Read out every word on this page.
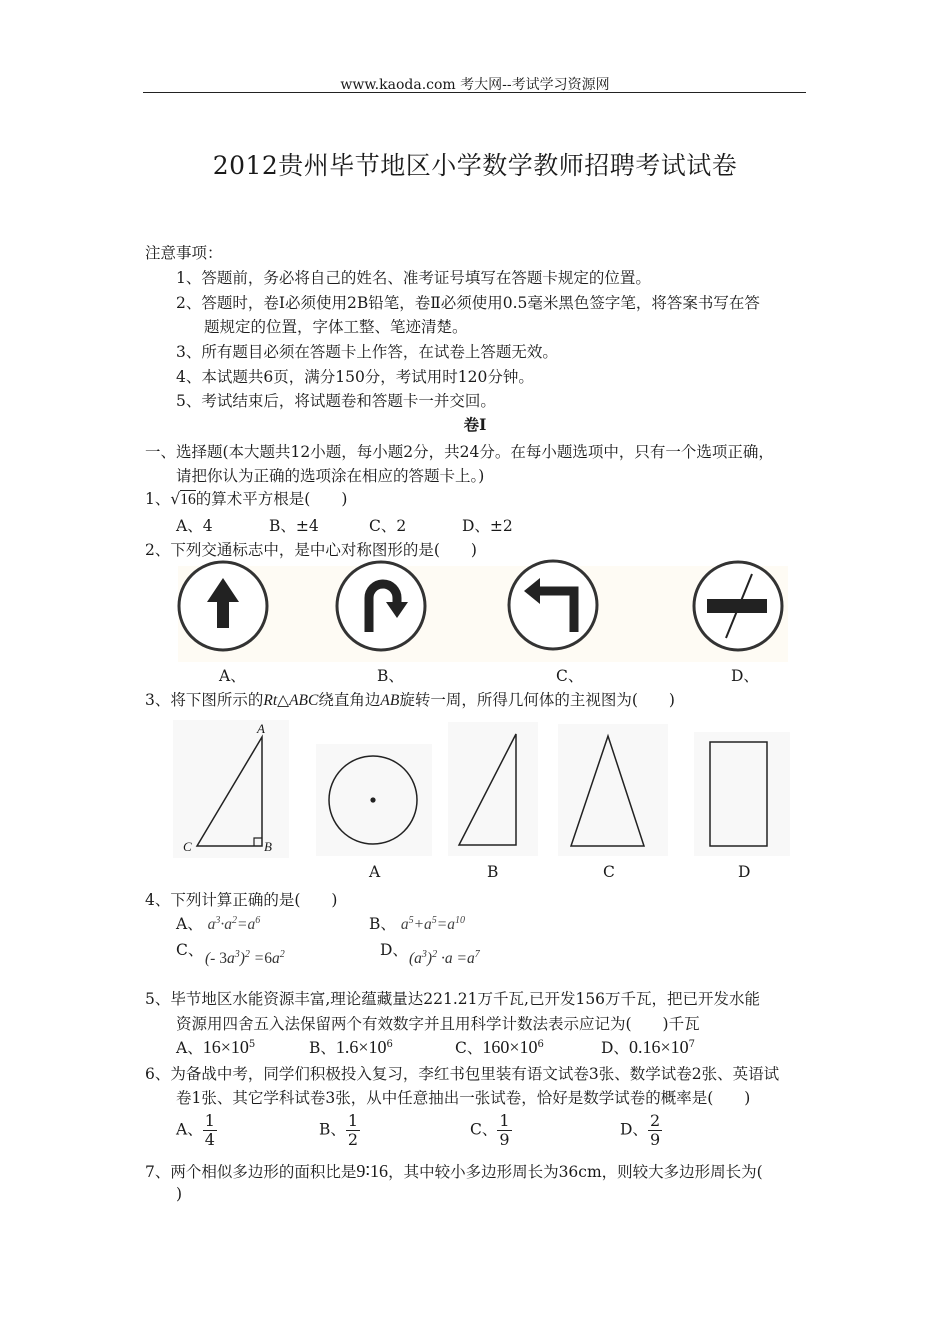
www.kaoda.com 考大网--考试学习资源网
2012贵州毕节地区小学数学教师招聘考试试卷
注意事项：
1、答题前，务必将自己的姓名、准考证号填写在答题卡规定的位置。
2、答题时，卷Ⅰ必须使用2B铅笔，卷Ⅱ必须使用0.5毫米黑色签字笔，将答案书写在答
题规定的位置，字体工整、笔迹清楚。
3、所有题目必须在答题卡上作答，在试卷上答题无效。
4、本试题共6页，满分150分，考试用时120分钟。
5、考试结束后，将试题卷和答题卡一并交回。
卷Ⅰ
一、选择题(本大题共12小题，每小题2分，共24分。在每小题选项中，只有一个选项正确，
请把你认为正确的选项涂在相应的答题卡上。)
1、√16的算术平方根是(　　)
A、4	B、±4	C、2	D、±2
2、下列交通标志中，是中心对称图形的是(　　)
A、	B、	C、	D、
3、将下图所示的Rt△ABC绕直角边AB旋转一周，所得几何体的主视图为(　　)
A
B
C
A	B	C	D
4、下列计算正确的是(　　)
A、 $a^3\cdot a^2=a^6$	B、 $a^5+a^5=a^{10}$
C、 (- $3a^3)^2 =6a^2$	D、 $(a^3)^2 \cdot a =a^7$
5、毕节地区水能资源丰富,理论蕴藏量达221.21万千瓦,已开发156万千瓦，把已开发水能
资源用四舍五入法保留两个有效数字并且用科学计数法表示应记为(　　)千瓦
A、$16\times 10^5$	B、$1.6\times 10^6$	C、$160\times 10^6$	D、$0.16\times 10^7$
6、为备战中考，同学们积极投入复习，李红书包里装有语文试卷3张、数学试卷2张、英语试
卷1张、其它学科试卷3张，从中任意抽出一张试卷，恰好是数学试卷的概率是(　　)
A、 $\frac{1}{4}$	B、 $\frac{1}{2}$	C、 $\frac{1}{9}$	D、 $\frac{2}{9}$
7、两个相似多边形的面积比是9∶16，其中较小多边形周长为36cm，则较大多边形周长为(
)
